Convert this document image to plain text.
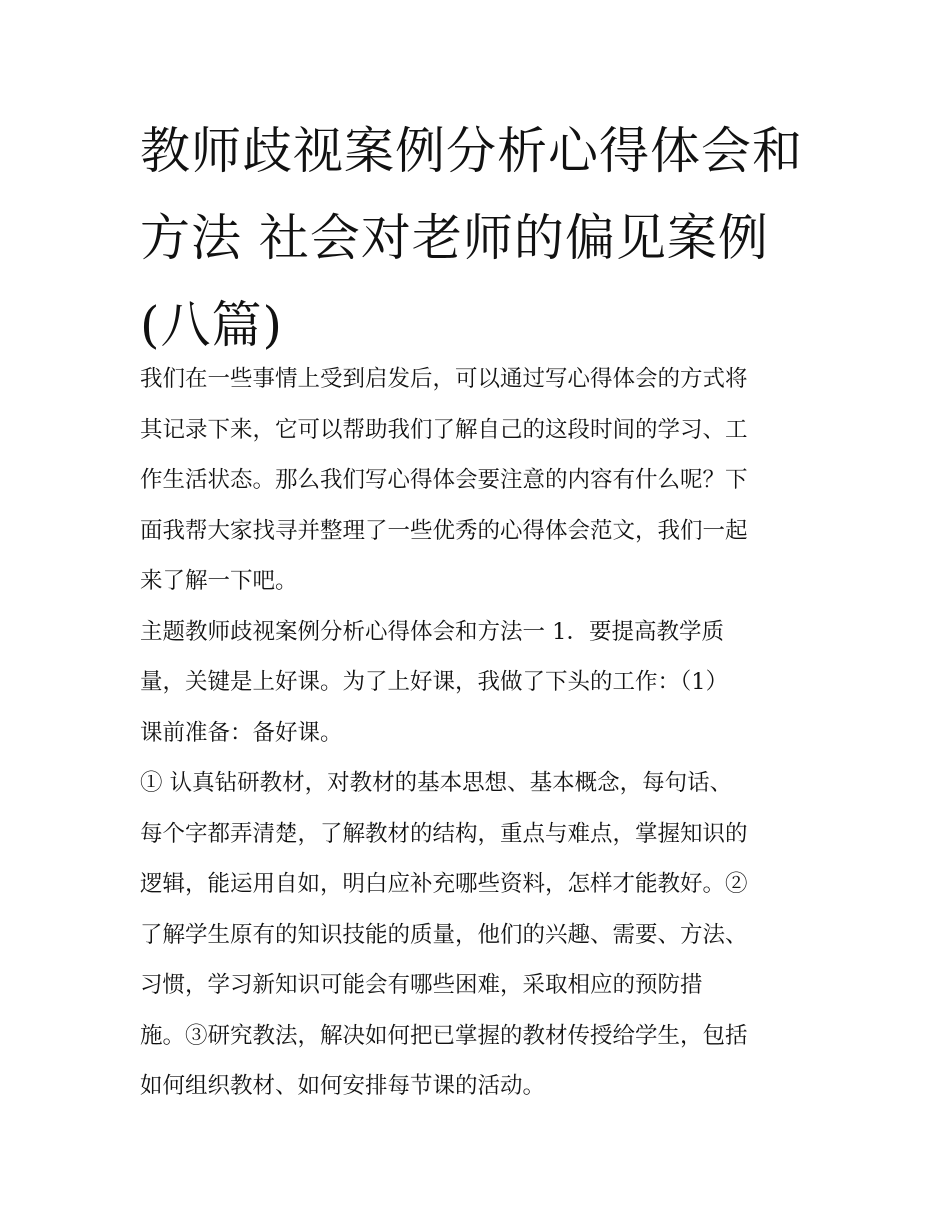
教师歧视案例分析心得体会和
方法 社会对老师的偏见案例
(八篇)

我们在一些事情上受到启发后，可以通过写心得体会的方式将
其记录下来，它可以帮助我们了解自己的这段时间的学习、工
作生活状态。那么我们写心得体会要注意的内容有什么呢？下
面我帮大家找寻并整理了一些优秀的心得体会范文，我们一起
来了解一下吧。

主题教师歧视案例分析心得体会和方法一 1．要提高教学质
量，关键是上好课。为了上好课，我做了下头的工作：（1）
课前准备：备好课。

① 认真钻研教材，对教材的基本思想、基本概念，每句话、
每个字都弄清楚，了解教材的结构，重点与难点，掌握知识的
逻辑，能运用自如，明白应补充哪些资料，怎样才能教好。②
了解学生原有的知识技能的质量，他们的兴趣、需要、方法、
习惯，学习新知识可能会有哪些困难，采取相应的预防措
施。③研究教法，解决如何把已掌握的教材传授给学生，包括
如何组织教材、如何安排每节课的活动。
